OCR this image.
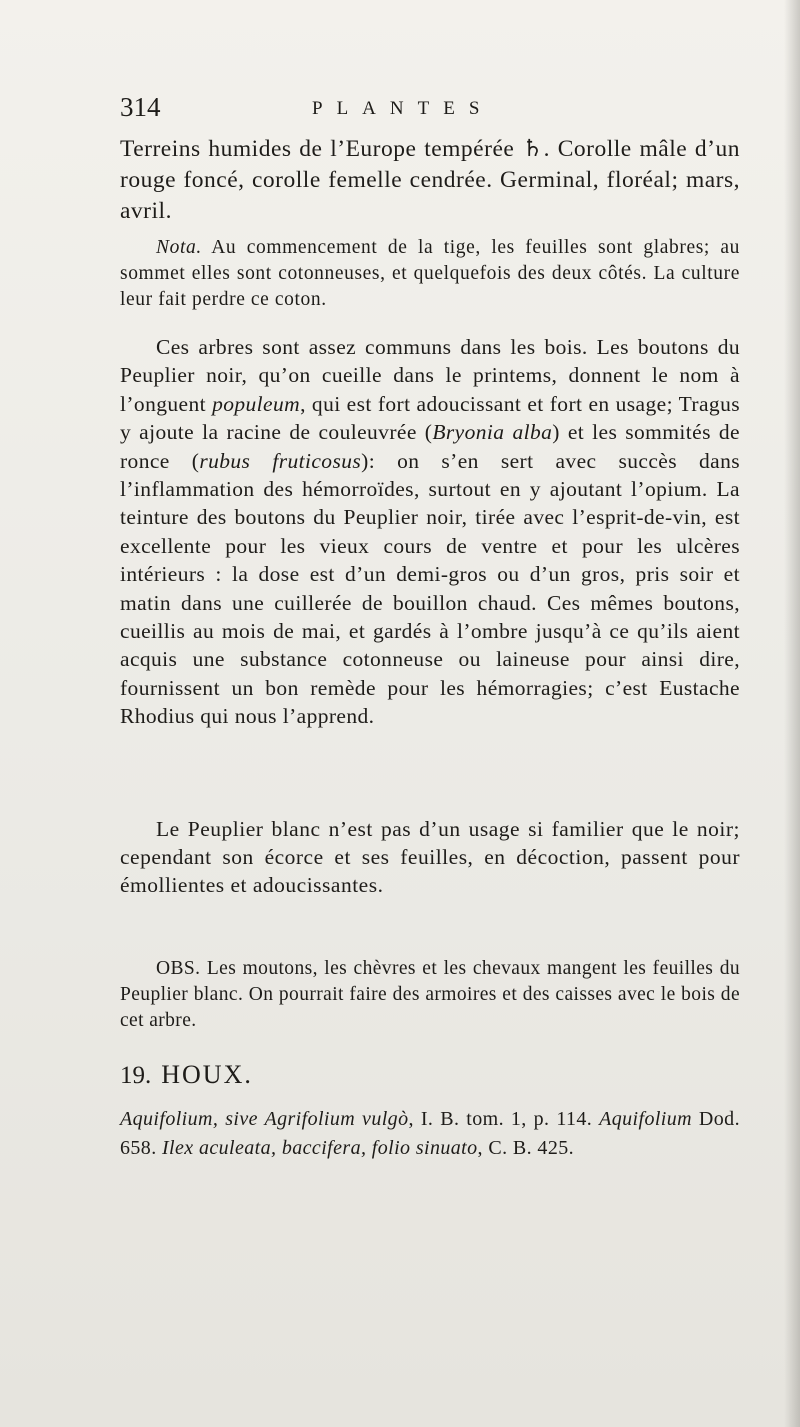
314	PLANTES

Terreins humides de l’Europe tempérée ♄. Corolle mâle d’un rouge foncé, corolle femelle cendrée. Germinal, floréal; mars, avril.

Nota. Au commencement de la tige, les feuilles sont glabres; au sommet elles sont cotonneuses, et quelquefois des deux côtés. La culture leur fait perdre ce coton.

Ces arbres sont assez communs dans les bois. Les boutons du Peuplier noir, qu’on cueille dans le printems, donnent le nom à l’onguent populeum, qui est fort adoucissant et fort en usage; Tragus y ajoute la racine de couleuvrée (Bryonia alba) et les sommités de ronce (rubus fruticosus): on s’en sert avec succès dans l’inflammation des hémorroïdes, surtout en y ajoutant l’opium. La teinture des boutons du Peuplier noir, tirée avec l’esprit-de-vin, est excellente pour les vieux cours de ventre et pour les ulcères intérieurs : la dose est d’un demi-gros ou d’un gros, pris soir et matin dans une cuillerée de bouillon chaud. Ces mêmes boutons, cueillis au mois de mai, et gardés à l’ombre jusqu’à ce qu’ils aient acquis une substance cotonneuse ou laineuse pour ainsi dire, fournissent un bon remède pour les hémorragies; c’est Eustache Rhodius qui nous l’apprend.

Le Peuplier blanc n’est pas d’un usage si familier que le noir; cependant son écorce et ses feuilles, en décoction, passent pour émollientes et adoucissantes.

OBS. Les moutons, les chèvres et les chevaux mangent les feuilles du Peuplier blanc. On pourrait faire des armoires et des caisses avec le bois de cet arbre.

19. HOUX.

Aquifolium, sive Agrifolium vulgò, I. B. tom. 1, p. 114. Aquifolium Dod. 658. Ilex aculeata, baccifera, folio sinuato, C. B. 425.
